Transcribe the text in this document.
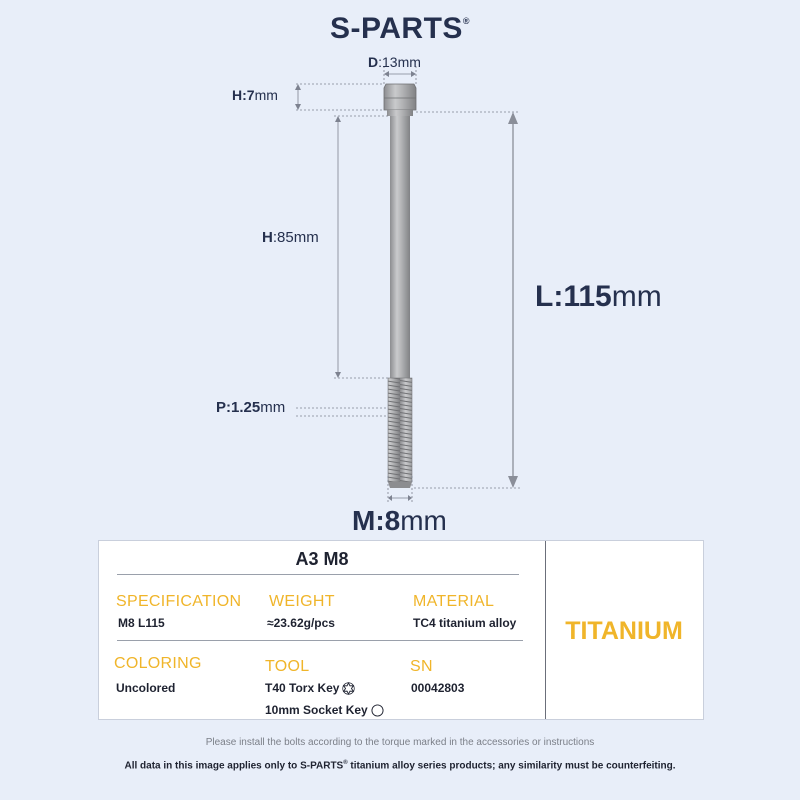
S-PARTS®
D:13mm
H:7mm
H:85mm
L:115mm
P:1.25mm
M:8mm
A3 M8
SPECIFICATION
M8 L115
WEIGHT
≈23.62g/pcs
MATERIAL
TC4 titanium alloy
COLORING
Uncolored
TOOL
T40 Torx Key
10mm Socket Key
SN
00042803
TITANIUM
Please install the bolts according to the torque marked in the accessories or instructions
All data in this image applies only to S-PARTS® titanium alloy series products; any similarity must be counterfeiting.
